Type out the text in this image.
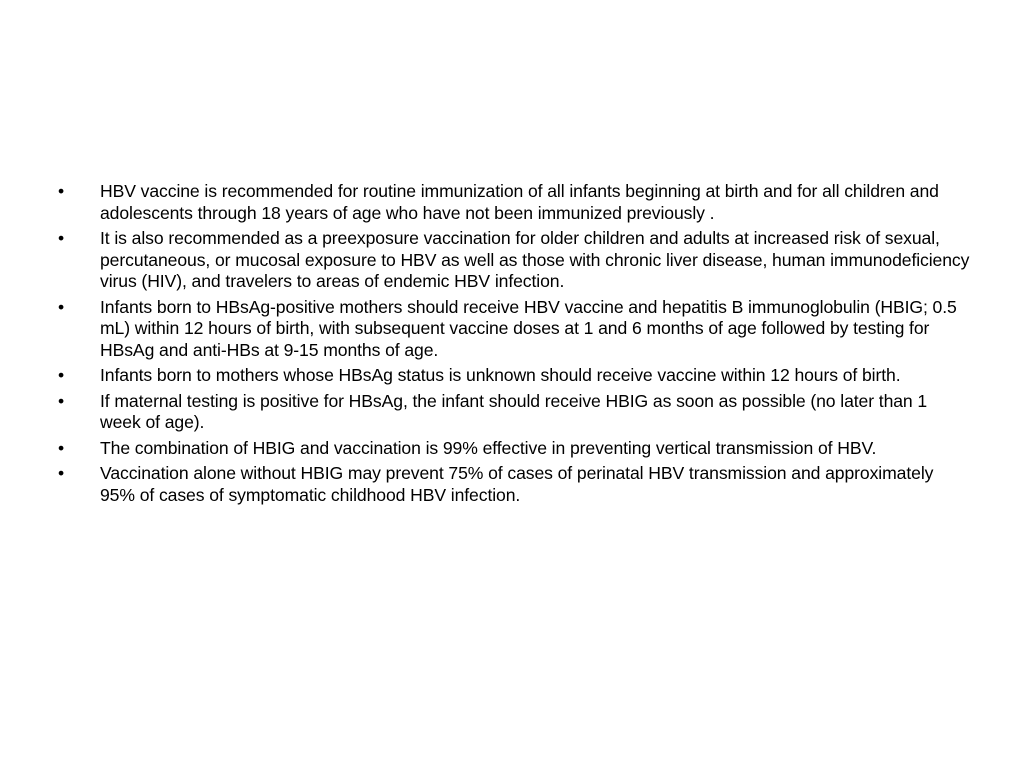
•	HBV vaccine is recommended for routine immunization of all infants beginning at birth and for all children and adolescents through 18 years of age who have not been immunized previously .
•	It is also recommended as a preexposure vaccination for older children and adults at increased risk of sexual, percutaneous, or mucosal exposure to HBV as well as those with chronic liver disease, human immunodeficiency virus (HIV), and travelers to areas of endemic HBV infection.
•	Infants born to HBsAg-positive mothers should receive HBV vaccine and hepatitis B immunoglobulin (HBIG; 0.5 mL) within 12 hours of birth, with subsequent vaccine doses at 1 and 6 months of age followed by testing for HBsAg and anti-HBs at 9-15 months of age.
•	Infants born to mothers whose HBsAg status is unknown should receive vaccine within 12 hours of birth.
•	If maternal testing is positive for HBsAg, the infant should receive HBIG as soon as possible (no later than 1 week of age).
•	The combination of HBIG and vaccination is 99% effective in preventing vertical transmission of HBV.
•	Vaccination alone without HBIG may prevent 75% of cases of perinatal HBV transmission and approximately 95% of cases of symptomatic childhood HBV infection.
